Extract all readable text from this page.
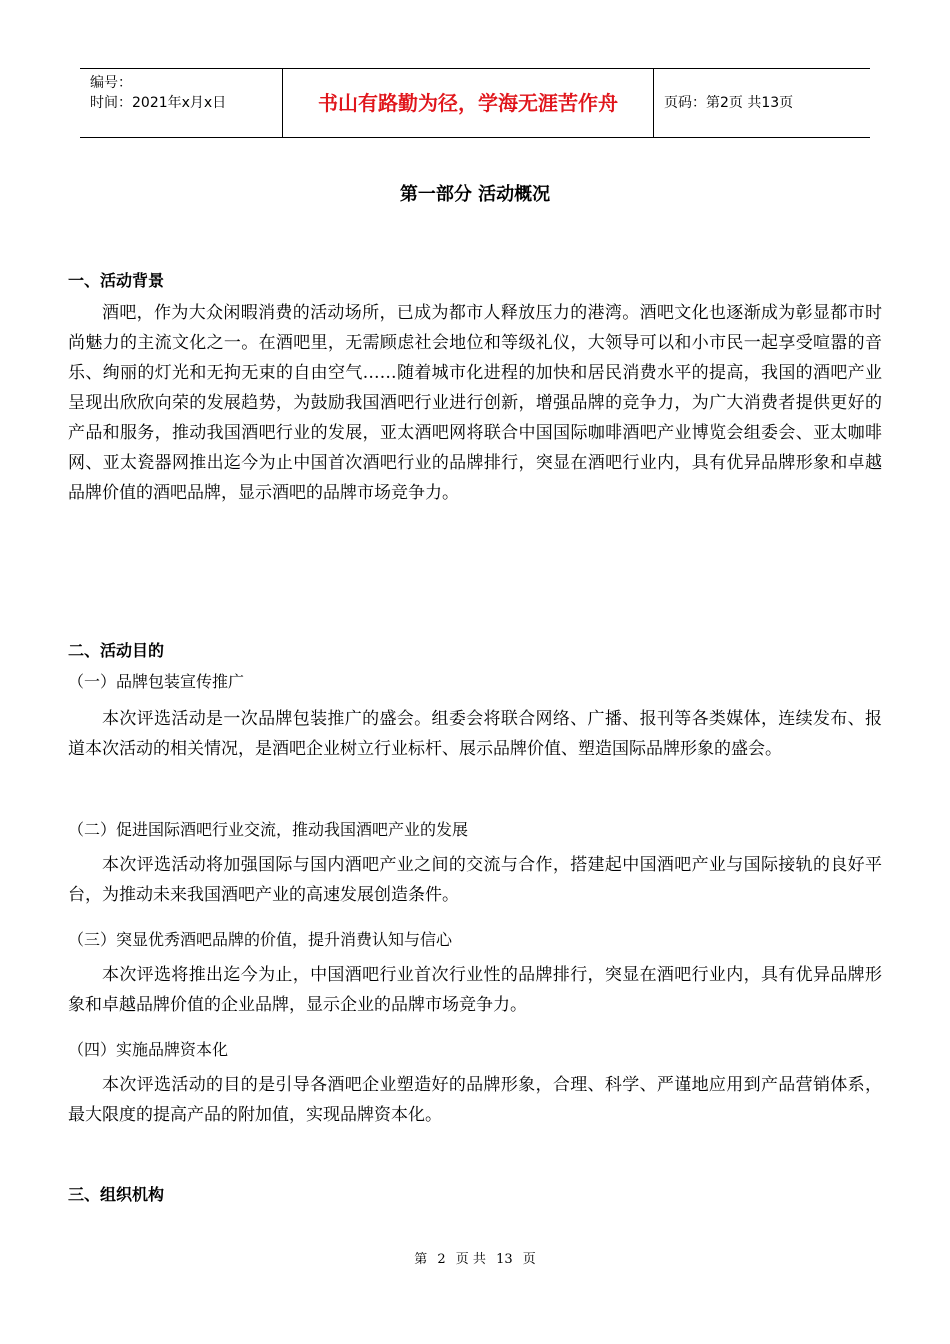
编号：
时间：2021年x月x日	书山有路勤为径，学海无涯苦作舟	页码：第2页 共13页
第一部分 活动概况
一、活动背景
酒吧，作为大众闲暇消费的活动场所，已成为都市人释放压力的港湾。酒吧文化也逐渐成为彰显都市时尚魅力的主流文化之一。在酒吧里，无需顾虑社会地位和等级礼仪，大领导可以和小市民一起享受喧嚣的音乐、绚丽的灯光和无拘无束的自由空气……随着城市化进程的加快和居民消费水平的提高，我国的酒吧产业呈现出欣欣向荣的发展趋势，为鼓励我国酒吧行业进行创新，增强品牌的竞争力，为广大消费者提供更好的产品和服务，推动我国酒吧行业的发展，亚太酒吧网将联合中国国际咖啡酒吧产业博览会组委会、亚太咖啡网、亚太瓷器网推出迄今为止中国首次酒吧行业的品牌排行，突显在酒吧行业内，具有优异品牌形象和卓越品牌价值的酒吧品牌，显示酒吧的品牌市场竞争力。
二、活动目的
（一）品牌包装宣传推广
本次评选活动是一次品牌包装推广的盛会。组委会将联合网络、广播、报刊等各类媒体，连续发布、报道本次活动的相关情况，是酒吧企业树立行业标杆、展示品牌价值、塑造国际品牌形象的盛会。
（二）促进国际酒吧行业交流，推动我国酒吧产业的发展
本次评选活动将加强国际与国内酒吧产业之间的交流与合作，搭建起中国酒吧产业与国际接轨的良好平台，为推动未来我国酒吧产业的高速发展创造条件。
（三）突显优秀酒吧品牌的价值，提升消费认知与信心
本次评选将推出迄今为止，中国酒吧行业首次行业性的品牌排行，突显在酒吧行业内，具有优异品牌形象和卓越品牌价值的企业品牌，显示企业的品牌市场竞争力。
（四）实施品牌资本化
本次评选活动的目的是引导各酒吧企业塑造好的品牌形象，合理、科学、严谨地应用到产品营销体系，最大限度的提高产品的附加值，实现品牌资本化。
三、组织机构
第 2 页 共 13 页
